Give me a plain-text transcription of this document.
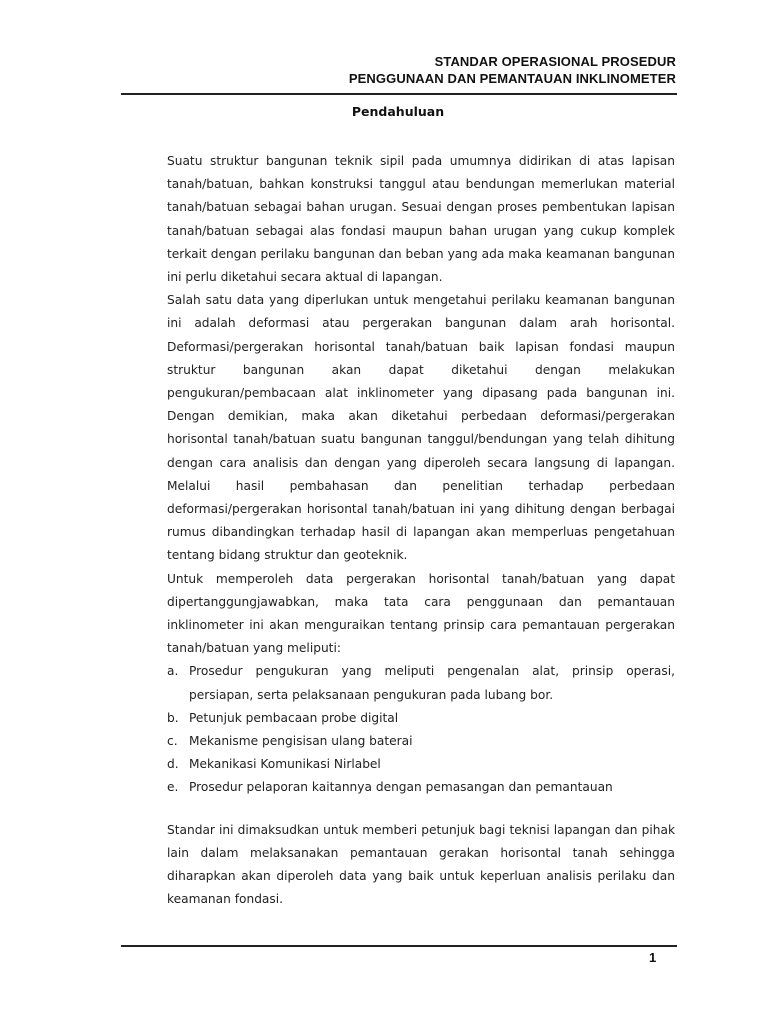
STANDAR OPERASIONAL PROSEDUR
PENGGUNAAN DAN PEMANTAUAN INKLINOMETER
Pendahuluan

Suatu struktur bangunan teknik sipil pada umumnya didirikan di atas lapisan tanah/batuan, bahkan konstruksi tanggul atau bendungan memerlukan material tanah/batuan sebagai bahan urugan. Sesuai dengan proses pembentukan lapisan tanah/batuan sebagai alas fondasi maupun bahan urugan yang cukup komplek terkait dengan perilaku bangunan dan beban yang ada maka keamanan bangunan ini perlu diketahui secara aktual di lapangan.

Salah satu data yang diperlukan untuk mengetahui perilaku keamanan bangunan ini adalah deformasi atau pergerakan bangunan dalam arah horisontal. Deformasi/pergerakan horisontal tanah/batuan baik lapisan fondasi maupun struktur bangunan akan dapat diketahui dengan melakukan pengukuran/pembacaan alat inklinometer yang dipasang pada bangunan ini. Dengan demikian, maka akan diketahui perbedaan deformasi/pergerakan horisontal tanah/batuan suatu bangunan tanggul/bendungan yang telah dihitung dengan cara analisis dan dengan yang diperoleh secara langsung di lapangan. Melalui hasil pembahasan dan penelitian terhadap perbedaan deformasi/pergerakan horisontal tanah/batuan ini yang dihitung dengan berbagai rumus dibandingkan terhadap hasil di lapangan akan memperluas pengetahuan tentang bidang struktur dan geoteknik.

Untuk memperoleh data pergerakan horisontal tanah/batuan yang dapat dipertanggungjawabkan, maka tata cara penggunaan dan pemantauan inklinometer ini akan menguraikan tentang prinsip cara pemantauan pergerakan tanah/batuan yang meliputi:

a. Prosedur pengukuran yang meliputi pengenalan alat, prinsip operasi, persiapan, serta pelaksanaan pengukuran pada lubang bor.
b. Petunjuk pembacaan probe digital
c. Mekanisme pengisisan ulang baterai
d. Mekanikasi Komunikasi Nirlabel
e. Prosedur pelaporan kaitannya dengan pemasangan dan pemantauan

Standar ini dimaksudkan untuk memberi petunjuk bagi teknisi lapangan dan pihak lain dalam melaksanakan pemantauan gerakan horisontal tanah sehingga diharapkan akan diperoleh data yang baik untuk keperluan analisis perilaku dan keamanan fondasi.

1
